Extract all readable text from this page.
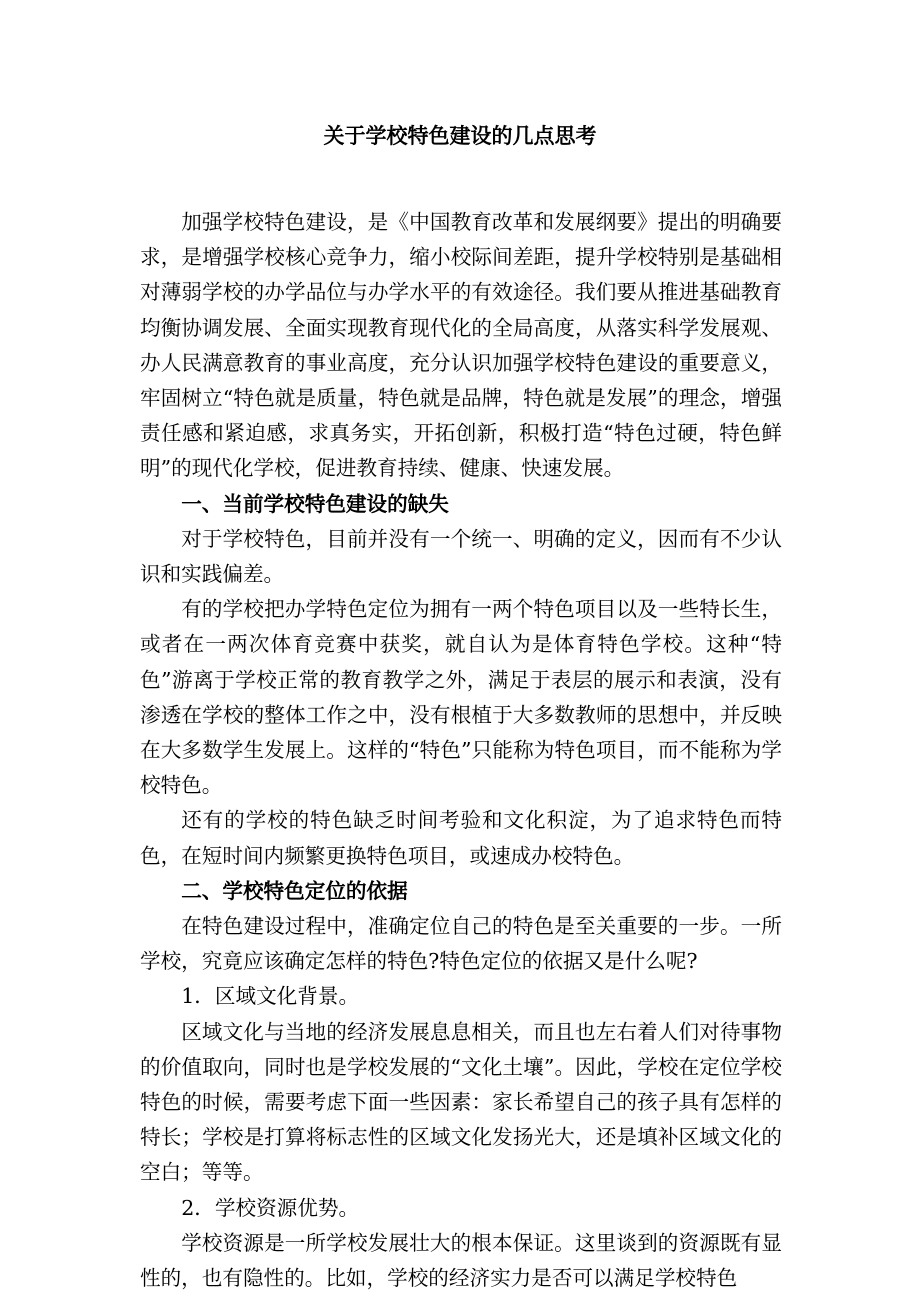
关于学校特色建设的几点思考

加强学校特色建设，是《中国教育改革和发展纲要》提出的明确要求，是增强学校核心竞争力，缩小校际间差距，提升学校特别是基础相对薄弱学校的办学品位与办学水平的有效途径。我们要从推进基础教育均衡协调发展、全面实现教育现代化的全局高度，从落实科学发展观、办人民满意教育的事业高度，充分认识加强学校特色建设的重要意义，牢固树立“特色就是质量，特色就是品牌，特色就是发展”的理念，增强责任感和紧迫感，求真务实，开拓创新，积极打造“特色过硬，特色鲜明”的现代化学校，促进教育持续、健康、快速发展。

一、当前学校特色建设的缺失

对于学校特色，目前并没有一个统一、明确的定义，因而有不少认识和实践偏差。

有的学校把办学特色定位为拥有一两个特色项目以及一些特长生，或者在一两次体育竞赛中获奖，就自认为是体育特色学校。这种“特色”游离于学校正常的教育教学之外，满足于表层的展示和表演，没有渗透在学校的整体工作之中，没有根植于大多数教师的思想中，并反映在大多数学生发展上。这样的“特色”只能称为特色项目，而不能称为学校特色。

还有的学校的特色缺乏时间考验和文化积淀，为了追求特色而特色，在短时间内频繁更换特色项目，或速成办校特色。

二、学校特色定位的依据

在特色建设过程中，准确定位自己的特色是至关重要的一步。一所学校，究竟应该确定怎样的特色?特色定位的依据又是什么呢?

1．区域文化背景。

区域文化与当地的经济发展息息相关，而且也左右着人们对待事物的价值取向，同时也是学校发展的“文化土壤”。因此，学校在定位学校特色的时候，需要考虑下面一些因素：家长希望自己的孩子具有怎样的特长；学校是打算将标志性的区域文化发扬光大，还是填补区域文化的空白；等等。

2．学校资源优势。

学校资源是一所学校发展壮大的根本保证。这里谈到的资源既有显性的，也有隐性的。比如，学校的经济实力是否可以满足学校特色
